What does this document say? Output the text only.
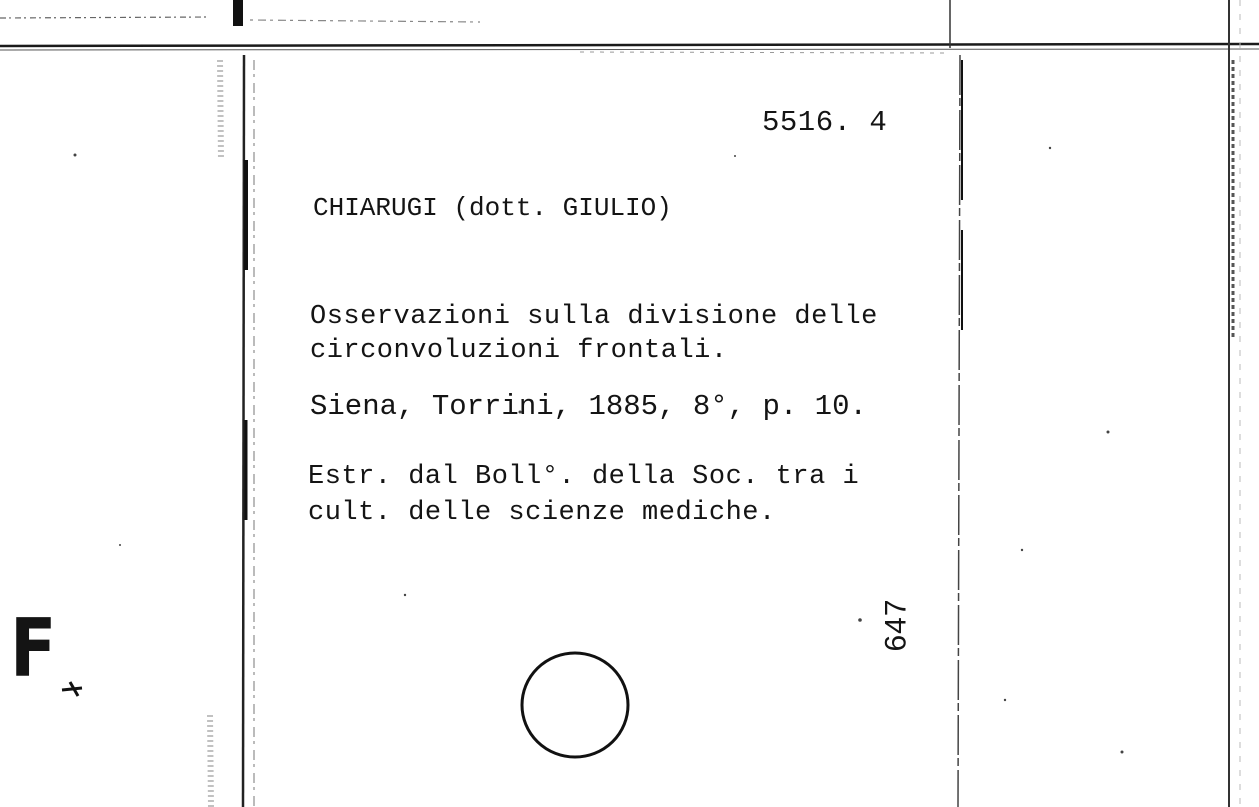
5516. 4

CHIARUGI (dott. GIULIO)

Osservazioni sulla divisione delle

circonvoluzioni frontali.

Siena, Torrini, 1885, 8°, p. 10.

Estr. dal Boll°. della Soc. tra i

cult. delle scienze mediche.

647

F
